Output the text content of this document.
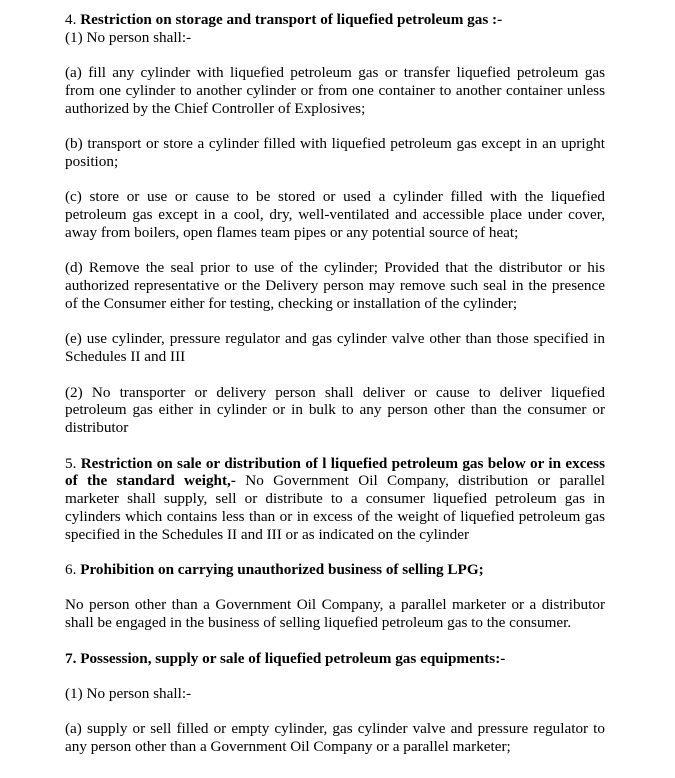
4. Restriction on storage and transport of liquefied petroleum gas :-

(1) No person shall:-

(a) fill any cylinder with liquefied petroleum gas or transfer liquefied petroleum gas from one cylinder to another cylinder or from one container to another container unless authorized by the Chief Controller of Explosives;

(b) transport or store a cylinder filled with liquefied petroleum gas except in an upright position;

(c) store or use or cause to be stored or used a cylinder filled with the liquefied petroleum gas except in a cool, dry, well-ventilated and accessible place under cover, away from boilers, open flames team pipes or any potential source of heat;

(d) Remove the seal prior to use of the cylinder; Provided that the distributor or his authorized representative or the Delivery person may remove such seal in the presence of the Consumer either for testing, checking or installation of the cylinder;

(e) use cylinder, pressure regulator and gas cylinder valve other than those specified in Schedules II and III

(2) No transporter or delivery person shall deliver or cause to deliver liquefied petroleum gas either in cylinder or in bulk to any person other than the consumer or distributor

5. Restriction on sale or distribution of l liquefied petroleum gas below or in excess of the standard weight,- No Government Oil Company, distribution or parallel marketer shall supply, sell or distribute to a consumer liquefied petroleum gas in cylinders which contains less than or in excess of the weight of liquefied petroleum gas specified in the Schedules II and III or as indicated on the cylinder

6. Prohibition on carrying unauthorized business of selling LPG;

No person other than a Government Oil Company, a parallel marketer or a distributor shall be engaged in the business of selling liquefied petroleum gas to the consumer.

7. Possession, supply or sale of liquefied petroleum gas equipments:-

(1) No person shall:-

(a) supply or sell filled or empty cylinder, gas cylinder valve and pressure regulator to any person other than a Government Oil Company or a parallel marketer;
